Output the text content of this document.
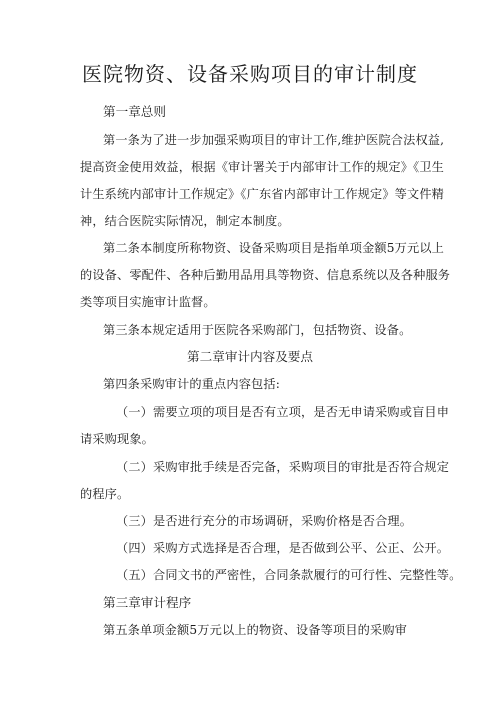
医院物资、设备采购项目的审计制度
第一章总则
第一条为了进一步加强采购项目的审计工作,维护医院合法权益,
提高资金使用效益，根据《审计署关于内部审计工作的规定》《卫生
计生系统内部审计工作规定》《广东省内部审计工作规定》等文件精
神，结合医院实际情况，制定本制度。
第二条本制度所称物资、设备采购项目是指单项金额5万元以上
的设备、零配件、各种后勤用品用具等物资、信息系统以及各种服务
类等项目实施审计监督。
第三条本规定适用于医院各采购部门，包括物资、设备。
第二章审计内容及要点
第四条采购审计的重点内容包括:
（一）需要立项的项目是否有立项，是否无申请采购或盲目申
请采购现象。
（二）采购审批手续是否完备，采购项目的审批是否符合规定
的程序。
（三）是否进行充分的市场调研，采购价格是否合理。
（四）采购方式选择是否合理，是否做到公平、公正、公开。
（五）合同文书的严密性，合同条款履行的可行性、完整性等。
第三章审计程序
第五条单项金额5万元以上的物资、设备等项目的采购审
